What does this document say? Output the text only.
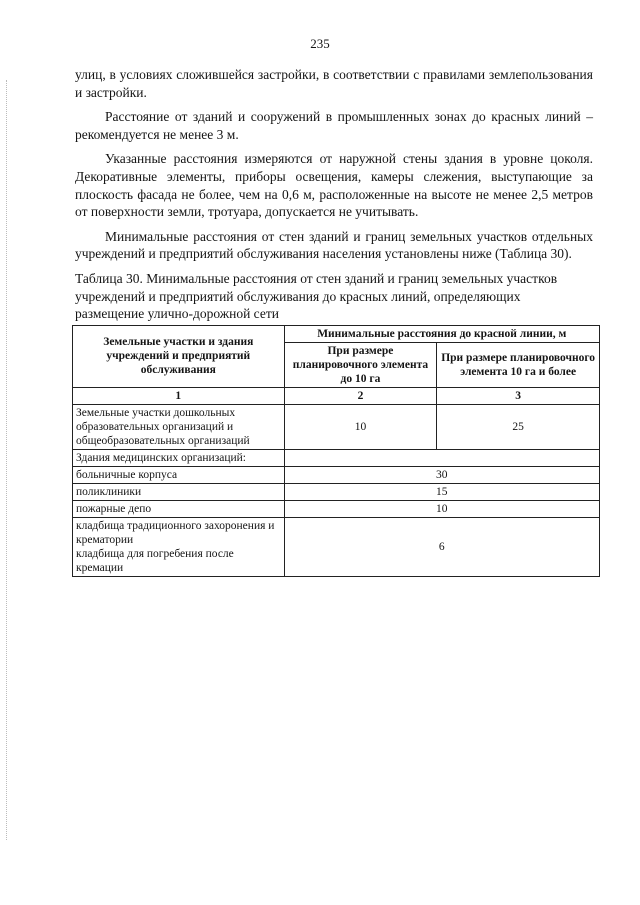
235

улиц, в условиях сложившейся застройки, в соответствии с правилами землепользования и застройки.

Расстояние от зданий и сооружений в промышленных зонах до красных линий – рекомендуется не менее 3 м.

Указанные расстояния измеряются от наружной стены здания в уровне цоколя. Декоративные элементы, приборы освещения, камеры слежения, выступающие за плоскость фасада не более, чем на 0,6 м, расположенные на высоте не менее 2,5 метров от поверхности земли, тротуара, допускается не учитывать.

Минимальные расстояния от стен зданий и границ земельных участков отдельных учреждений и предприятий обслуживания населения установлены ниже (Таблица 30).

Таблица 30. Минимальные расстояния от стен зданий и границ земельных участков учреждений и предприятий обслуживания до красных линий, определяющих размещение улично-дорожной сети

Земельные участки и здания учреждений и предприятий обслуживания	Минимальные расстояния до красной линии, м	
	При размере планировочного элемента до 10 га	При размере планировочного элемента 10 га и более
1	2	3
Земельные участки дошкольных образовательных организаций и общеобразовательных организаций	10	25
Здания медицинских организаций:		
больничные корпуса	30	
поликлиники	15	
пожарные депо	10	

кладбища традиционного захоронения и крематории
кладбища для погребения после кремации	6	
